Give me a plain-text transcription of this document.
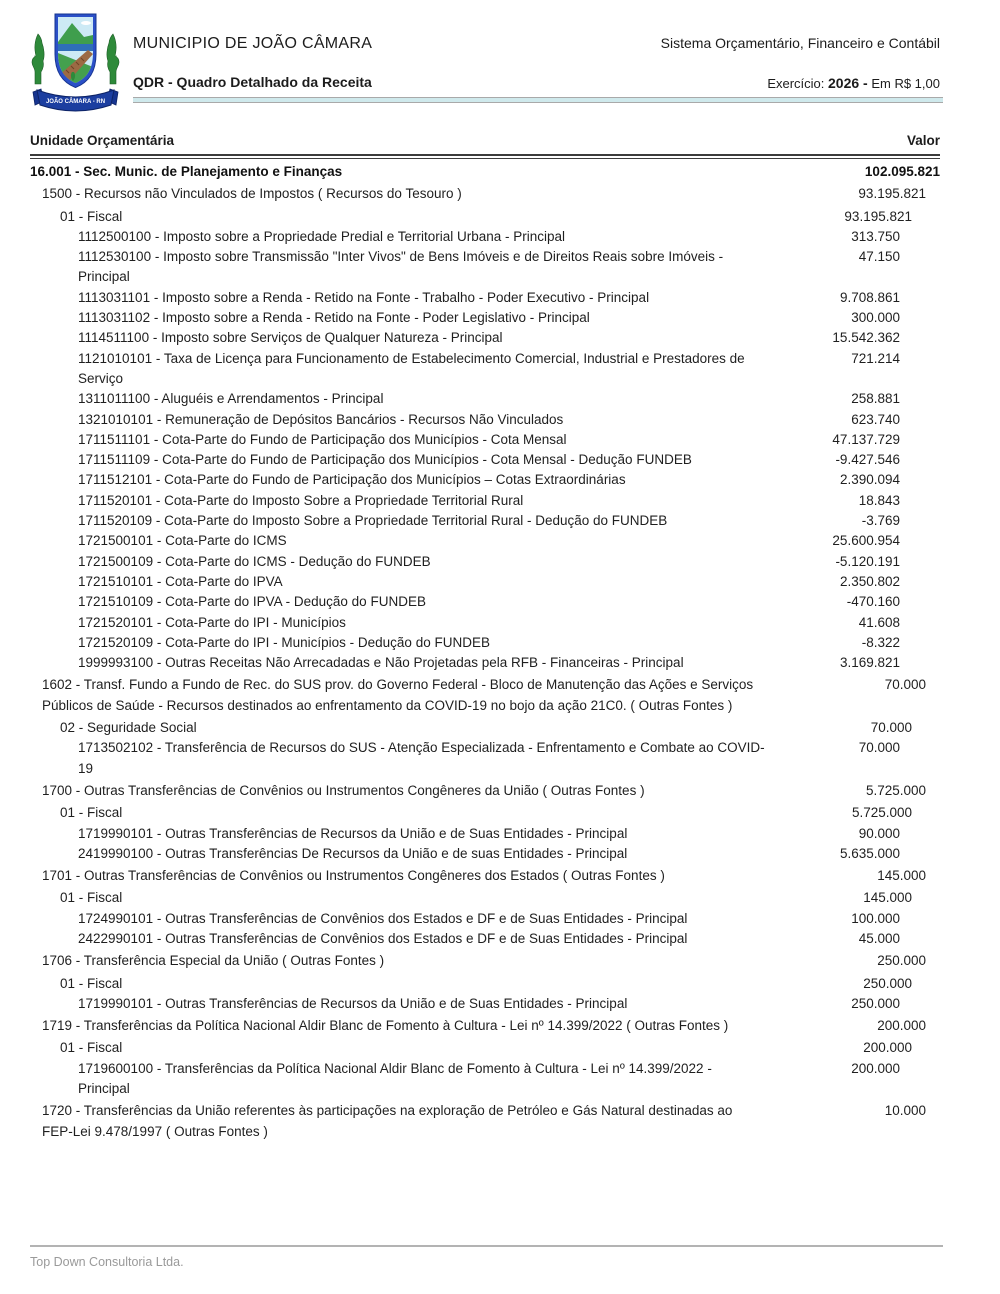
JOÃO CÂMARA - RN
MUNICIPIO DE JOÃO CÂMARA
QDR - Quadro Detalhado da Receita
Sistema Orçamentário, Financeiro e Contábil
Exercício: 2026 - Em R$ 1,00
Unidade Orçamentária	Valor
16.001 - Sec. Munic. de Planejamento e Finanças	102.095.821
1500 - Recursos não Vinculados de Impostos ( Recursos do Tesouro )	93.195.821
01 - Fiscal	93.195.821
1112500100 - Imposto sobre a Propriedade Predial e Territorial Urbana - Principal	313.750
1112530100 - Imposto sobre Transmissão "Inter Vivos" de Bens Imóveis e de Direitos Reais sobre Imóveis - Principal
47.150
1113031101 - Imposto sobre a Renda - Retido na Fonte - Trabalho - Poder Executivo - Principal	9.708.861
1113031102 - Imposto sobre a Renda - Retido na Fonte - Poder Legislativo - Principal	300.000
1114511100 - Imposto sobre Serviços de Qualquer Natureza - Principal	15.542.362
1121010101 - Taxa de Licença para Funcionamento de Estabelecimento Comercial, Industrial e Prestadores de Serviço
721.214
1311011100 - Aluguéis e Arrendamentos - Principal	258.881
1321010101 - Remuneração de Depósitos Bancários - Recursos Não Vinculados	623.740
1711511101 - Cota-Parte do Fundo de Participação dos Municípios - Cota Mensal	47.137.729
1711511109 - Cota-Parte do Fundo de Participação dos Municípios - Cota Mensal - Dedução FUNDEB	-9.427.546
1711512101 - Cota-Parte do Fundo de Participação dos Municípios – Cotas Extraordinárias	2.390.094
1711520101 - Cota-Parte do Imposto Sobre a Propriedade Territorial Rural	18.843
1711520109 - Cota-Parte do Imposto Sobre a Propriedade Territorial Rural - Dedução do FUNDEB	-3.769
1721500101 - Cota-Parte do ICMS	25.600.954
1721500109 - Cota-Parte do ICMS - Dedução do FUNDEB	-5.120.191
1721510101 - Cota-Parte do IPVA	2.350.802
1721510109 - Cota-Parte do IPVA - Dedução do FUNDEB	-470.160
1721520101 - Cota-Parte do IPI - Municípios	41.608
1721520109 - Cota-Parte do IPI - Municípios - Dedução do FUNDEB	-8.322
1999993100 - Outras Receitas Não Arrecadadas e Não Projetadas pela RFB - Financeiras - Principal	3.169.821
1602 - Transf. Fundo a Fundo de Rec. do SUS prov. do Governo Federal - Bloco de Manutenção das Ações e Serviços Públicos de Saúde - Recursos destinados ao enfrentamento da COVID-19 no bojo da ação 21C0. ( Outras Fontes )
70.000
02 - Seguridade Social	70.000
1713502102 - Transferência de Recursos do SUS - Atenção Especializada - Enfrentamento e Combate ao COVID-19
70.000
1700 - Outras Transferências de Convênios ou Instrumentos Congêneres da União ( Outras Fontes )	5.725.000
01 - Fiscal	5.725.000
1719990101 - Outras Transferências de Recursos da União e de Suas Entidades - Principal	90.000
2419990100 - Outras Transferências De Recursos da União e de suas Entidades - Principal	5.635.000
1701 - Outras Transferências de Convênios ou Instrumentos Congêneres dos Estados ( Outras Fontes )	145.000
01 - Fiscal	145.000
1724990101 - Outras Transferências de Convênios dos Estados e DF e de Suas Entidades - Principal	100.000
2422990101 - Outras Transferências de Convênios dos Estados e DF e de Suas Entidades - Principal	45.000
1706 - Transferência Especial da União ( Outras Fontes )	250.000
01 - Fiscal	250.000
1719990101 - Outras Transferências de Recursos da União e de Suas Entidades - Principal	250.000
1719 - Transferências da Política Nacional Aldir Blanc de Fomento à Cultura - Lei nº 14.399/2022 ( Outras Fontes )	200.000
01 - Fiscal	200.000
1719600100 - Transferências da Política Nacional Aldir Blanc de Fomento à Cultura - Lei nº 14.399/2022 - Principal
200.000
1720 - Transferências da União referentes às participações na exploração de Petróleo e Gás Natural destinadas ao FEP-Lei 9.478/1997 ( Outras Fontes )
10.000
Top Down Consultoria Ltda.
